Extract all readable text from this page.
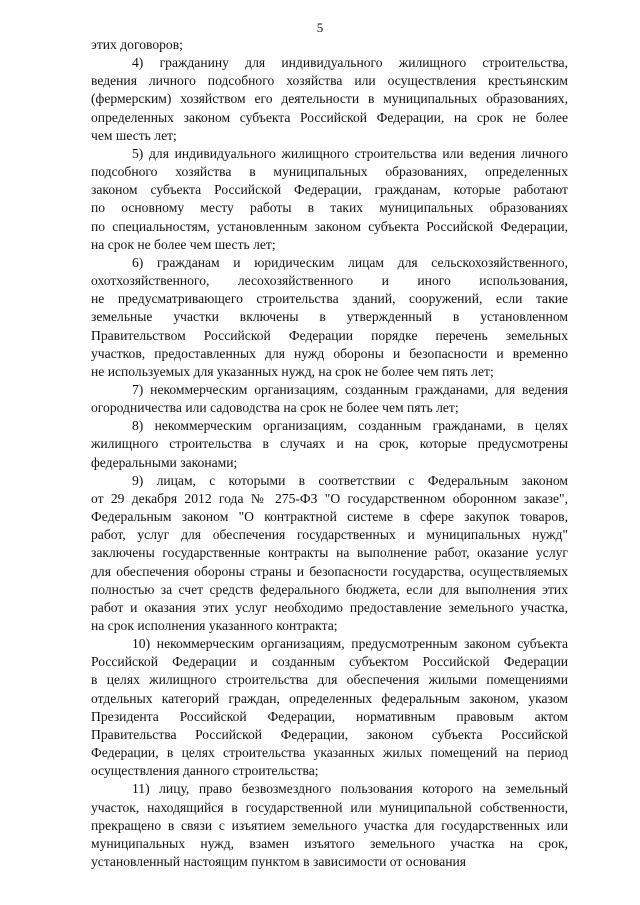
5
этих договоров;
4) гражданину для индивидуального жилищного строительства,
ведения личного подсобного хозяйства или осуществления крестьянским
(фермерским) хозяйством его деятельности в муниципальных образованиях,
определенных законом субъекта Российской Федерации, на срок не более
чем шесть лет;
5) для индивидуального жилищного строительства или ведения личного
подсобного хозяйства в муниципальных образованиях, определенных
законом субъекта Российской Федерации, гражданам, которые работают
по основному месту работы в таких муниципальных образованиях
по специальностям, установленным законом субъекта Российской Федерации,
на срок не более чем шесть лет;
6) гражданам и юридическим лицам для сельскохозяйственного,
охотхозяйственного, лесохозяйственного и иного использования,
не предусматривающего строительства зданий, сооружений, если такие
земельные участки включены в утвержденный в установленном
Правительством Российской Федерации порядке перечень земельных
участков, предоставленных для нужд обороны и безопасности и временно
не используемых для указанных нужд, на срок не более чем пять лет;
7) некоммерческим организациям, созданным гражданами, для ведения
огородничества или садоводства на срок не более чем пять лет;
8) некоммерческим организациям, созданным гражданами, в целях
жилищного строительства в случаях и на срок, которые предусмотрены
федеральными законами;
9) лицам, с которыми в соответствии с Федеральным законом
от 29 декабря 2012 года № 275-ФЗ "О государственном оборонном заказе",
Федеральным законом "О контрактной системе в сфере закупок товаров,
работ, услуг для обеспечения государственных и муниципальных нужд"
заключены государственные контракты на выполнение работ, оказание услуг
для обеспечения обороны страны и безопасности государства, осуществляемых
полностью за счет средств федерального бюджета, если для выполнения этих
работ и оказания этих услуг необходимо предоставление земельного участка,
на срок исполнения указанного контракта;
10) некоммерческим организациям, предусмотренным законом субъекта
Российской Федерации и созданным субъектом Российской Федерации
в целях жилищного строительства для обеспечения жилыми помещениями
отдельных категорий граждан, определенных федеральным законом, указом
Президента Российской Федерации, нормативным правовым актом
Правительства Российской Федерации, законом субъекта Российской
Федерации, в целях строительства указанных жилых помещений на период
осуществления данного строительства;
11) лицу, право безвозмездного пользования которого на земельный
участок, находящийся в государственной или муниципальной собственности,
прекращено в связи с изъятием земельного участка для государственных или
муниципальных нужд, взамен изъятого земельного участка на срок,
установленный настоящим пунктом в зависимости от основания
